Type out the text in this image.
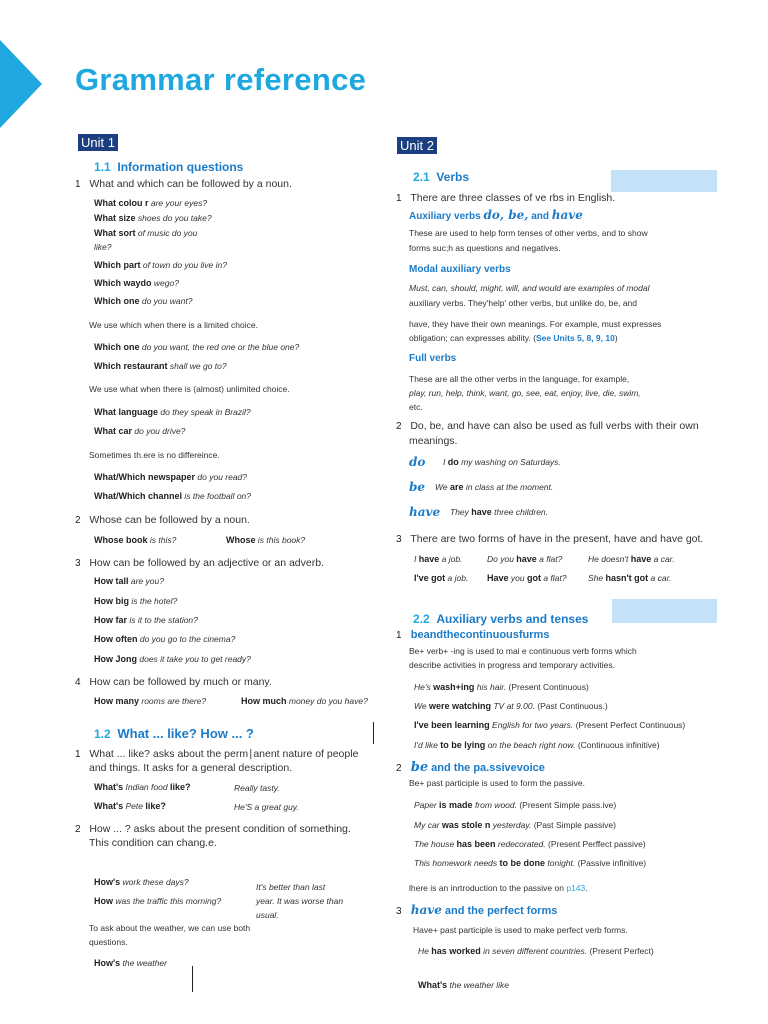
Grammar reference
Unit 1
1.1 Information questions
1 What and which can be followed by a noun.
What colou r are your eyes?
What size shoes do you take?
What sort of music do you
like?
Which part of town do you live in?
Which waydo wego?
Which one do you want?
We use which when there is a limited choice.
Which one do you want, the red one or the blue one?
Which restaurant shall we go to?
We use what when there is (almost) unlimited choice.
What language do they speak in Brazil?
What car do you drive?
Sometimes th.ere is no differeince.
What/Which newspaper do you read?
What/Which channel is the football on?
2 Whose can be followed by a noun.
Whose book is this?	Whose is this book?
3 How can be followed by an adjective or an adverb.
How tall are you?
How big is the hotel?
How far is it to the station?
How often do you go to the cinema?
How Jong does it take you to get ready?
4 How can be followed by much or many.
How many rooms are there?	How much money do you have?
1.2 What ... like? How ... ?
1 What ... like? asks about the perm∣anent nature of people
and things. It asks for a general description.
What's Indian food like?	Really tasty.
What's Pete like?	He'S a great guy.
2 How ... ? asks about the present condition of something.
This condition can chang.e.
How's work these days?
How was the traffic this morning?
It's better than last
year. It was worse than
usual.
To ask about the weather, we can use both
questions.
How's the weather
Unit 2
2.1 Verbs
1 There are three classes of ve rbs in English.
Auxiliary verbs do, be, and have
These are used to help form tenses of other verbs, and to show
forms suc;h as questions and negatives.
Modal auxiliary verbs
Must, can, should, might, will, and would are examples of modal
auxiliary verbs. They'help' other verbs, but unlike do, be, and
have, they have their own meanings. For example, must expresses
obligation; can expresses ability. (See Units 5, 8, 9, 10)
Full verbs
These are all the other verbs in the language, for example,
play, run, help, think, want, go, see, eat, enjoy, live, die, swim,
etc.
2 Do, be, and have can also be used as full verbs with their own
meanings.
do I do my washing on Saturdays.
be We are in class at the moment.
have They have three children.
3 There are two forms of have in the present, have and have got.
I have a job.	Do you have a flat?	He doesn't have a car.
I've got a job. Have you got a flat?	She hasn't got a car.
2.2 Auxiliary verbs and tenses
1 beandthecontinuousfurms
Be+ verb+ -ing is used to mai e continuous verb forms which
describe activities in progress and temporary activities.
He's wash+ing his hair. (Present Continuous)
We were watching TV at 9.00. (Past Continuous.)
I've been learning English for two years. (Present Perfect Continuous)
I'd like to be lying on the beach right now. (Continuous infinitive)
2 be and the pa.ssivevoice
Be+ past participle is used to form the passive.
Paper is made from wood. (Present Simple pass.ive)
My car was stole n yesterday. (Past Simple passive)
The house has been redecorated. (Present Perffect passive)
This homework needs to be done tonight. (Passive infinitive)
lhere is an inrtroduction to the passive on p143.
3 have and the perfect forms
Have+ past participle is used to make perfect verb forms.
He has worked in seven different countries. (Present Perfect)
What's the weather like
